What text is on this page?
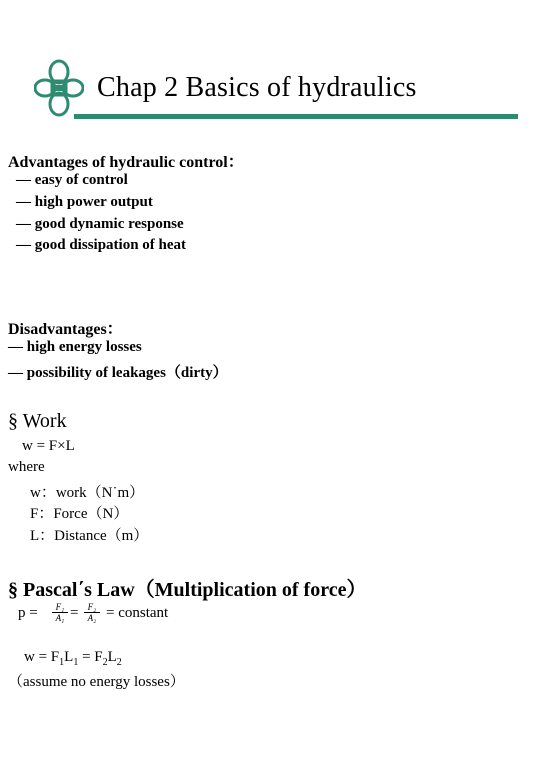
Chap 2 Basics of hydraulics
Advantages of hydraulic control：
— easy of control
— high power output
— good dynamic response
— good dissipation of heat
Disadvantages：
— high energy losses
— possibility of leakages（dirty）
§ Work
w = F×L
where
w：work（N˙m）
F：Force（N）
L：Distance（m）
§ Pascal΄s Law（Multiplication of force）
$p = \frac{\text{F₁}}{\text{A₁}} = \frac{\text{F₂}}{\text{A₂}}$ = constant
$w = F_1L_1 = F_2L_2$
（assume no energy losses）
